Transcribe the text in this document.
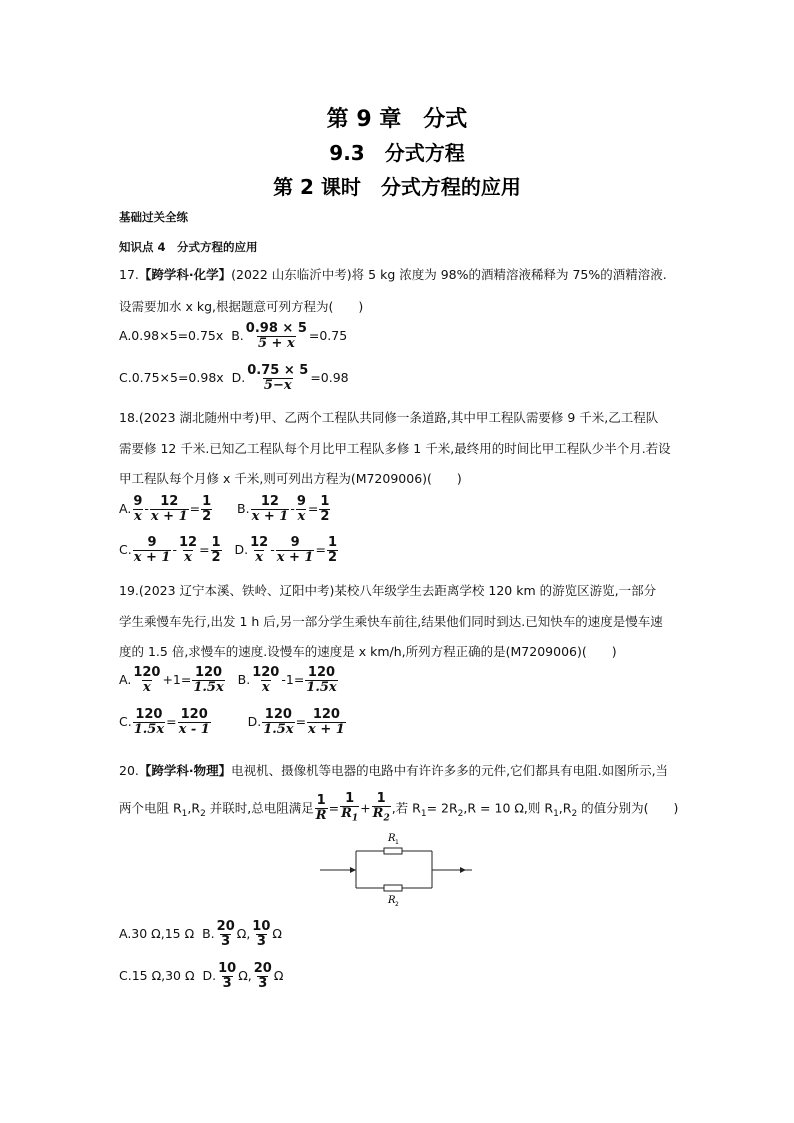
第 9 章　分式
9.3　分式方程
第 2 课时　分式方程的应用
基础过关全练
知识点 4　分式方程的应用
17.【跨学科·化学】(2022 山东临沂中考)将 5 kg 浓度为 98%的酒精溶液稀释为 75%的酒精溶液.
设需要加水 x kg,根据题意可列方程为(　　)
A.0.98×5=0.75x B. $\frac{0.98 \times 5}{5 + x} =0.75$
C.0.75×5=0.98x D. $\frac{0.75 \times 5}{5-x} =0.98$
18.(2023 湖北随州中考)甲、乙两个工程队共同修一条道路,其中甲工程队需要修 9 千米,乙工程队
需要修 12 千米.已知乙工程队每个月比甲工程队多修 1 千米,最终用的时间比甲工程队少半个月.若设
甲工程队每个月修 x 千米,则可列出方程为(M7209006)(　　)
A. $\frac{9}{x} - \frac{12}{x + 1} = \frac{1}{2} B$. $\frac{12}{x + 1} - \frac{9}{x} = \frac{1}{2}$
C. $\frac{9}{x + 1} - \frac{12}{x} = \frac{1}{2} D$. $\frac{12}{x} - \frac{9}{x + 1} = \frac{1}{2}$
19.(2023 辽宁本溪、铁岭、辽阳中考)某校八年级学生去距离学校 120 km 的游览区游览,一部分
学生乘慢车先行,出发 1 h 后,另一部分学生乘快车前往,结果他们同时到达.已知快车的速度是慢车速
度的 1.5 倍,求慢车的速度.设慢车的速度是 x km/h,所列方程正确的是(M7209006)(　　)
A. $\frac{120}{x} +1= \frac{120}{1.5x} B$. $\frac{120}{x} -1= \frac{120}{1.5x}$
C. $\frac{120}{1.5x} = \frac{120}{x - 1}$	D. $\frac{120}{1.5x} = \frac{120}{x + 1}$
20.【跨学科·物理】电视机、摄像机等电器的电路中有许许多多的元件,它们都具有电阻.如图所示,当
两个电阻 $R_1,R_2$ 并联时,总电阻满足 $\frac{1}{R} = \frac{1}{R_1} + \frac{1}{R_2}$ ,若 $R_1= 2R_2,R = 10$ Ω,则 $R_1,R_2$ 的值分别为(　　)
R 1
R 2
A.30 Ω,15 Ω B. $\frac{20}{3} \Omega$, $\frac{10}{3}$ Ω
C.15 Ω,30 Ω D. $\frac{10}{3} \Omega$, $\frac{20}{3}$ Ω
